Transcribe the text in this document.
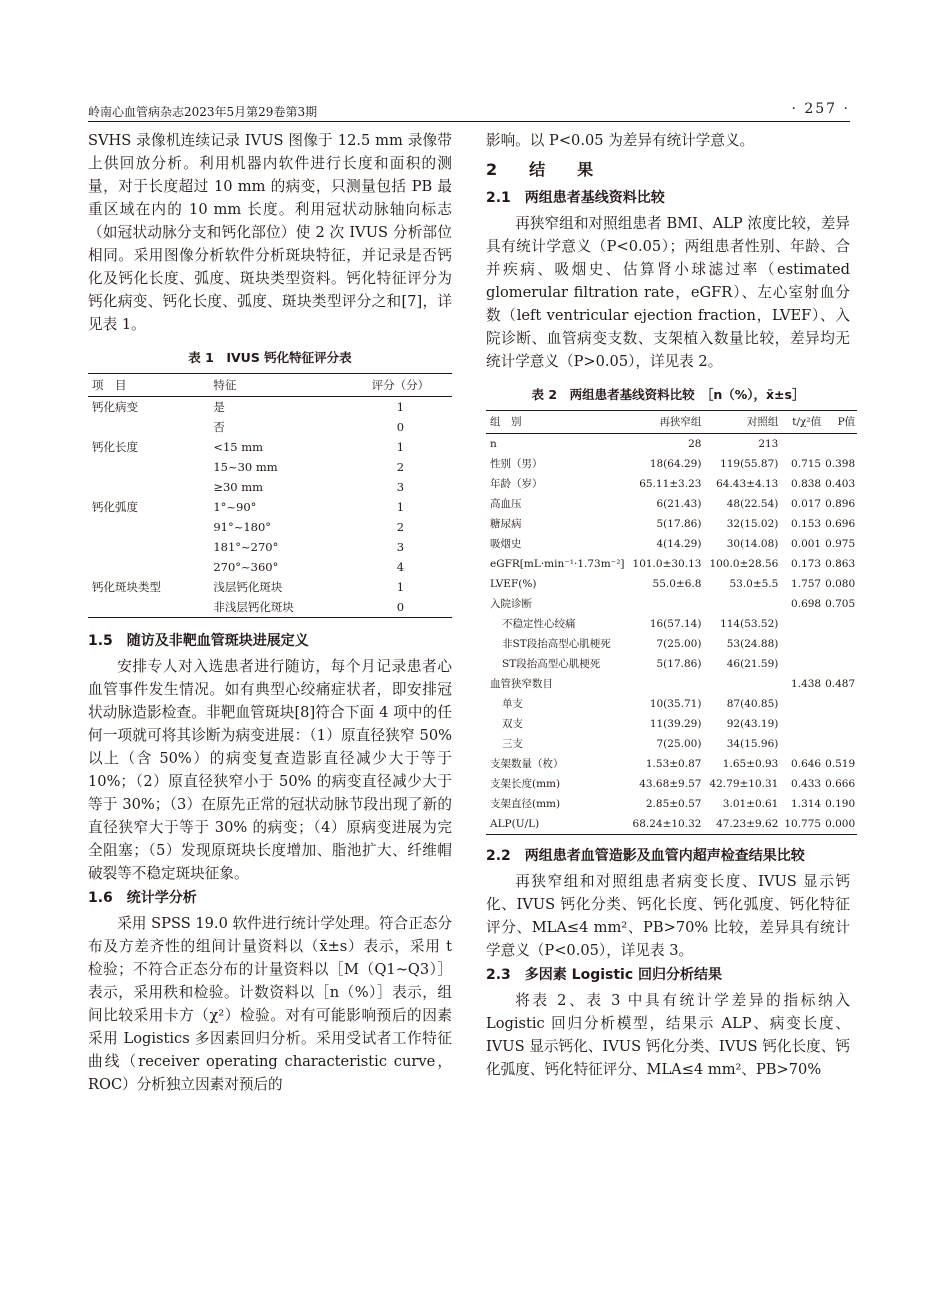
岭南心血管病杂志2023年5月第29卷第3期	· 257 ·

SVHS 录像机连续记录 IVUS 图像于 12.5 mm 录像带上供回放分析。利用机器内软件进行长度和面积的测量，对于长度超过 10 mm 的病变，只测量包括 PB 最重区域在内的 10 mm 长度。利用冠状动脉轴向标志（如冠状动脉分支和钙化部位）使 2 次 IVUS 分析部位相同。采用图像分析软件分析斑块特征，并记录是否钙化及钙化长度、弧度、斑块类型资料。钙化特征评分为钙化病变、钙化长度、弧度、斑块类型评分之和[7]，详见表 1。

表 1　IVUS 钙化特征评分表
项　目	特征	评分（分）
钙化病变	是	1
	否	0
钙化长度	<15 mm	1
	15~30 mm	2
	≥30 mm	3
钙化弧度	1°~90°	1
	91°~180°	2
	181°~270°	3
	270°~360°	4
钙化斑块类型	浅层钙化斑块	1
	非浅层钙化斑块	0
1.5　随访及非靶血管斑块进展定义

安排专人对入选患者进行随访，每个月记录患者心血管事件发生情况。如有典型心绞痛症状者，即安排冠状动脉造影检查。非靶血管斑块[8]符合下面 4 项中的任何一项就可将其诊断为病变进展：（1）原直径狭窄 50% 以上（含 50%）的病变复查造影直径减少大于等于 10%；（2）原直径狭窄小于 50% 的病变直径减少大于等于 30%；（3）在原先正常的冠状动脉节段出现了新的直径狭窄大于等于 30% 的病变；（4）原病变进展为完全阻塞；（5）发现原斑块长度增加、脂池扩大、纤维帽破裂等不稳定斑块征象。

1.6　统计学分析

采用 SPSS 19.0 软件进行统计学处理。符合正态分布及方差齐性的组间计量资料以（x̄±s）表示，采用 t 检验；不符合正态分布的计量资料以［M（Q1~Q3）］表示，采用秩和检验。计数资料以［n（%）］表示，组间比较采用卡方（χ²）检验。对有可能影响预后的因素采用 Logistics 多因素回归分析。采用受试者工作特征曲线（receiver operating characteristic curve，ROC）分析独立因素对预后的

影响。以 P<0.05 为差异有统计学意义。

2　结　果
2.1　两组患者基线资料比较

再狭窄组和对照组患者 BMI、ALP 浓度比较，差异具有统计学意义（P<0.05）；两组患者性别、年龄、合并疾病、吸烟史、估算肾小球滤过率（estimated glomerular filtration rate，eGFR）、左心室射血分数（left ventricular ejection fraction，LVEF）、入院诊断、血管病变支数、支架植入数量比较，差异均无统计学意义（P>0.05），详见表 2。

表 2　两组患者基线资料比较　［n（%），x̄±s］
组　别	再狭窄组	对照组	t/χ²值	P值
n	28	213		
性别（男）	18(64.29)	119(55.87)	0.715	0.398
年龄（岁）	65.11±3.23	64.43±4.13	0.838	0.403
高血压	6(21.43)	48(22.54)	0.017	0.896
糖尿病	5(17.86)	32(15.02)	0.153	0.696
吸烟史	4(14.29)	30(14.08)	0.001	0.975
eGFR[mL·min⁻¹·1.73m⁻²]	101.0±30.13	100.0±28.56	0.173	0.863
LVEF(%)	55.0±6.8	53.0±5.5	1.757	0.080
入院诊断			0.698	0.705
不稳定性心绞痛	16(57.14)	114(53.52)		
非ST段抬高型心肌梗死	7(25.00)	53(24.88)		
ST段抬高型心肌梗死	5(17.86)	46(21.59)		
血管狭窄数目			1.438	0.487
单支	10(35.71)	87(40.85)		
双支	11(39.29)	92(43.19)		
三支	7(25.00)	34(15.96)		
支架数量（枚）	1.53±0.87	1.65±0.93	0.646	0.519
支架长度(mm)	43.68±9.57	42.79±10.31	0.433	0.666
支架直径(mm)	2.85±0.57	3.01±0.61	1.314	0.190
ALP(U/L)	68.24±10.32	47.23±9.62	10.775	0.000
2.2　两组患者血管造影及血管内超声检查结果比较

再狭窄组和对照组患者病变长度、IVUS 显示钙化、IVUS 钙化分类、钙化长度、钙化弧度、钙化特征评分、MLA≤4 mm²、PB>70% 比较，差异具有统计学意义（P<0.05），详见表 3。

2.3　多因素 Logistic 回归分析结果

将表 2、表 3 中具有统计学差异的指标纳入 Logistic 回归分析模型，结果示 ALP、病变长度、IVUS 显示钙化、IVUS 钙化分类、IVUS 钙化长度、钙化弧度、钙化特征评分、MLA≤4 mm²、PB>70%
